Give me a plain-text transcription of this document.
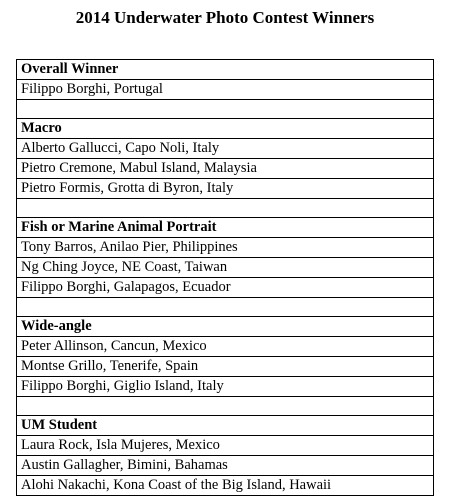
2014 Underwater Photo Contest Winners
Overall Winner
Filippo Borghi, Portugal

Macro
Alberto Gallucci, Capo Noli, Italy
Pietro Cremone, Mabul Island, Malaysia
Pietro Formis, Grotta di Byron, Italy

Fish or Marine Animal Portrait
Tony Barros, Anilao Pier, Philippines
Ng Ching Joyce, NE Coast, Taiwan
Filippo Borghi, Galapagos, Ecuador

Wide-angle
Peter Allinson, Cancun, Mexico
Montse Grillo, Tenerife, Spain
Filippo Borghi, Giglio Island, Italy

UM Student
Laura Rock, Isla Mujeres, Mexico
Austin Gallagher, Bimini, Bahamas
Alohi Nakachi, Kona Coast of the Big Island, Hawaii
